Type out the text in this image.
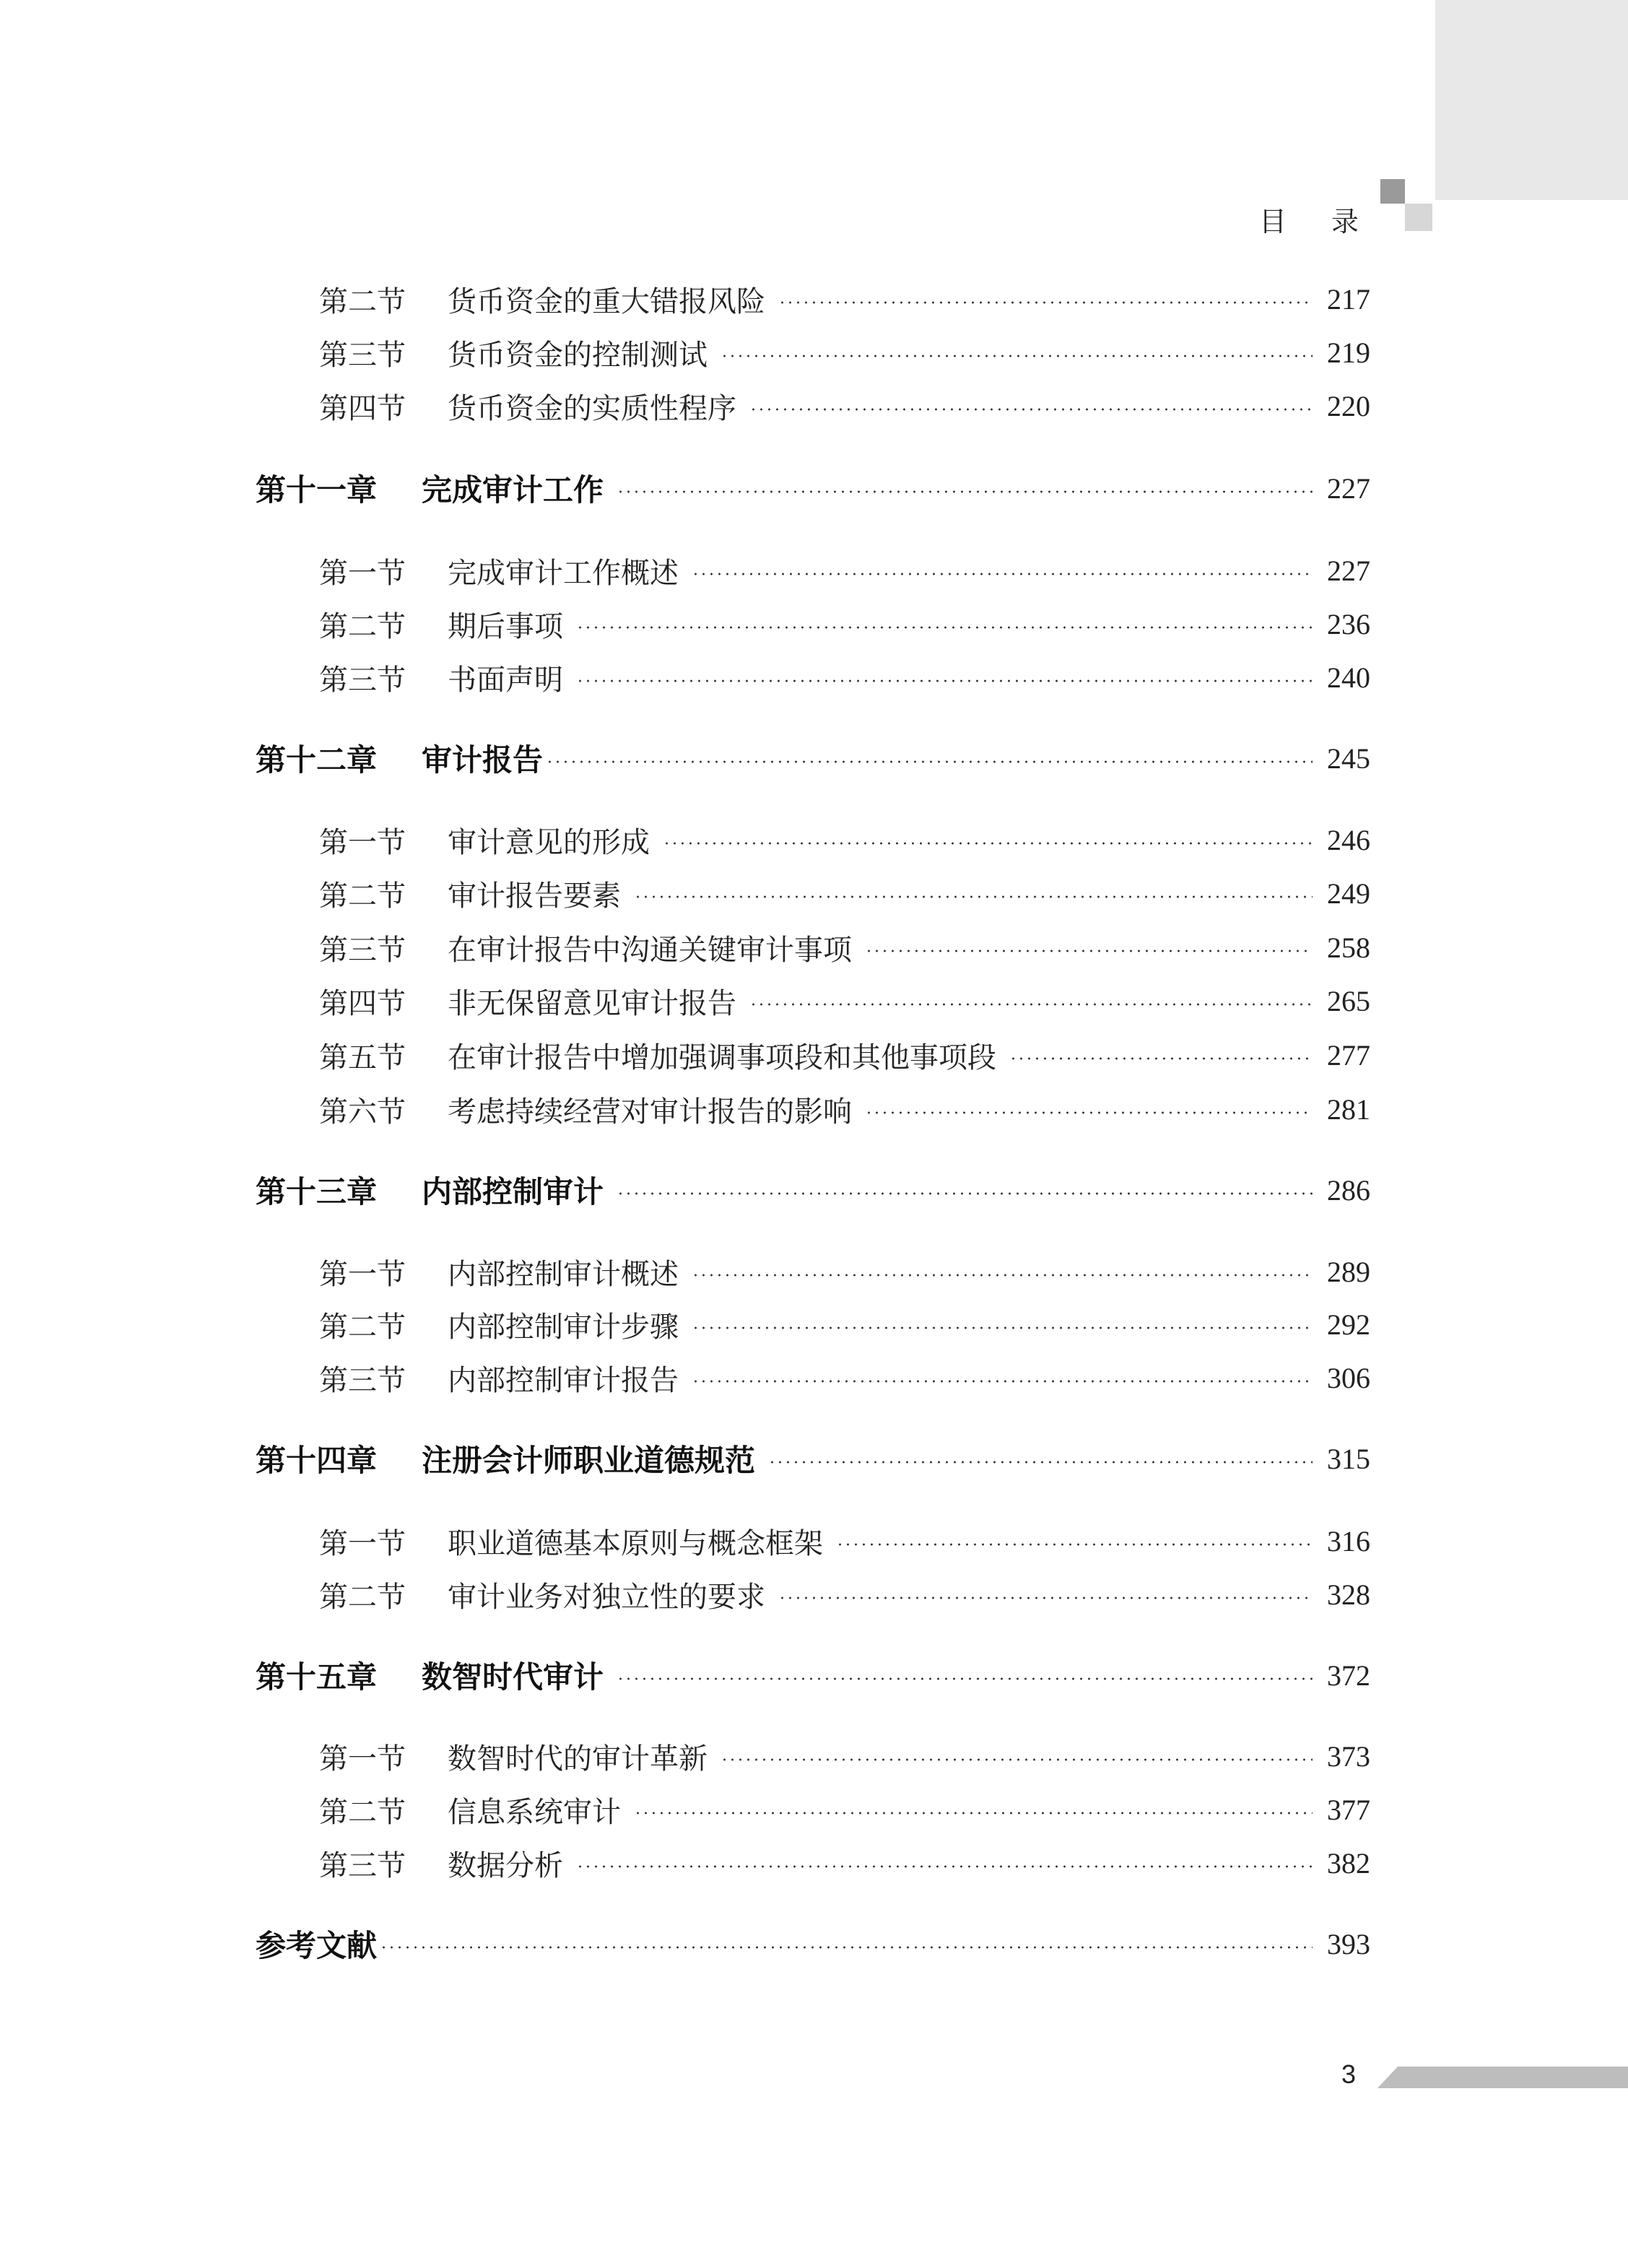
目录
第二节	货币资金的重大错报风险	217
第三节	货币资金的控制测试	219
第四节	货币资金的实质性程序	220
第十一章	完成审计工作	227
第一节	完成审计工作概述	227
第二节	期后事项	236
第三节	书面声明	240
第十二章	审计报告	245
第一节	审计意见的形成	246
第二节	审计报告要素	249
第三节	在审计报告中沟通关键审计事项	258
第四节	非无保留意见审计报告	265
第五节	在审计报告中增加强调事项段和其他事项段	277
第六节	考虑持续经营对审计报告的影响	281
第十三章	内部控制审计	286
第一节	内部控制审计概述	289
第二节	内部控制审计步骤	292
第三节	内部控制审计报告	306
第十四章	注册会计师职业道德规范	315
第一节	职业道德基本原则与概念框架	316
第二节	审计业务对独立性的要求	328
第十五章	数智时代审计	372
第一节	数智时代的审计革新	373
第二节	信息系统审计	377
第三节	数据分析	382
参考文献	393
3
